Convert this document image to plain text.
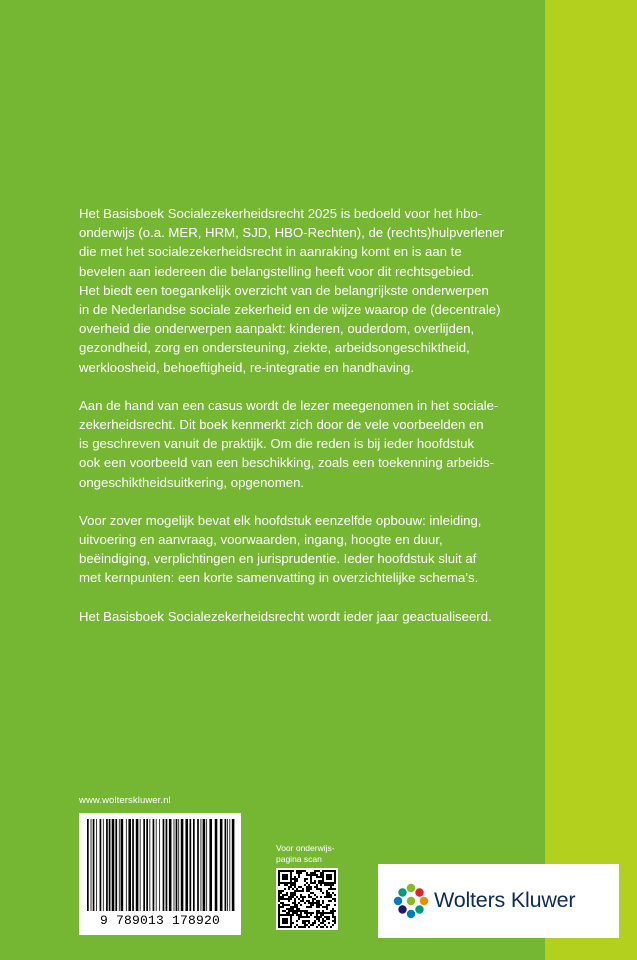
Het Basisboek Socialezekerheidsrecht 2025 is bedoeld voor het hbo-
onderwijs (o.a. MER, HRM, SJD, HBO-Rechten), de (rechts)hulpverlener
die met het socialezekerheidsrecht in aanraking komt en is aan te
bevelen aan iedereen die belangstelling heeft voor dit rechtsgebied.
Het biedt een toegankelijk overzicht van de belangrijkste onderwerpen
in de Nederlandse sociale zekerheid en de wijze waarop de (decentrale)
overheid die onderwerpen aanpakt: kinderen, ouderdom, overlijden,
gezondheid, zorg en ondersteuning, ziekte, arbeidsongeschiktheid,
werkloosheid, behoeftigheid, re-integratie en handhaving.

Aan de hand van een casus wordt de lezer meegenomen in het sociale-
zekerheidsrecht. Dit boek kenmerkt zich door de vele voorbeelden en
is geschreven vanuit de praktijk. Om die reden is bij ieder hoofdstuk
ook een voorbeeld van een beschikking, zoals een toekenning arbeids-
ongeschiktheidsuitkering, opgenomen.

Voor zover mogelijk bevat elk hoofdstuk eenzelfde opbouw: inleiding,
uitvoering en aanvraag, voorwaarden, ingang, hoogte en duur,
beëindiging, verplichtingen en jurisprudentie. Ieder hoofdstuk sluit af
met kernpunten: een korte samenvatting in overzichtelijke schema’s.

Het Basisboek Socialezekerheidsrecht wordt ieder jaar geactualiseerd.

www.wolterskluwer.nl
9 789013 178920
Voor onderwijs-
pagina scan
Wolters Kluwer
